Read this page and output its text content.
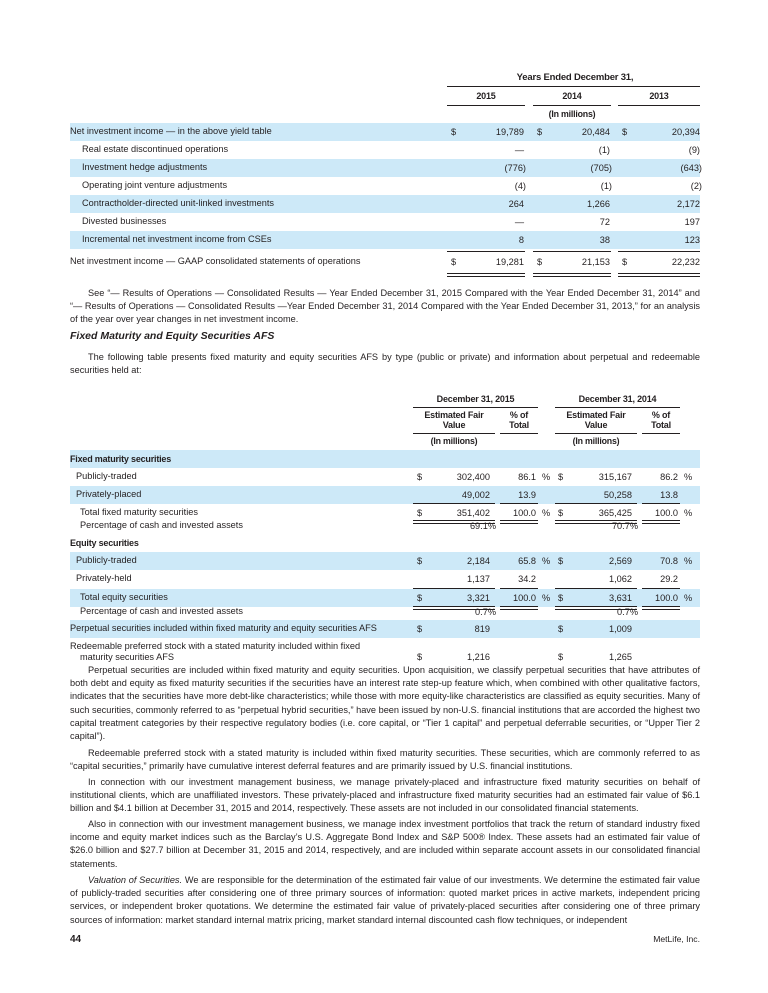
Years Ended December 31,
2015	2014	2013
(In millions)
Net investment income — in the above yield table	$	19,789 $	20,484 $	20,394
Real estate discontinued operations	—	(1)	(9)
Investment hedge adjustments	(776)	(705)	(643)
Operating joint venture adjustments	(4)	(1)	(2)
Contractholder-directed unit-linked investments	264	1,266	2,172
Divested businesses	—	72	197
Incremental net investment income from CSEs	8	38	123
Net investment income — GAAP consolidated statements of operations	$	19,281 $	21,153 $	22,232
See “— Results of Operations — Consolidated Results — Year Ended December 31, 2015 Compared with the Year Ended December 31, 2014” and “— Results of Operations — Consolidated Results —Year Ended December 31, 2014 Compared with the Year Ended December 31, 2013,” for an analysis of the year over year changes in net investment income.
Fixed Maturity and Equity Securities AFS
The following table presents fixed maturity and equity securities AFS by type (public or private) and information about perpetual and redeemable securities held at:
December 31, 2015	December 31, 2014
Estimated Fair
Value
% of
Total
Estimated Fair
Value
% of
Total
(In millions)	(In millions)
Fixed maturity securities
Publicly-traded	$	302,400	86.1 % $	315,167	86.2 %
Privately-placed	49,002	13.9	50,258	13.8
Total fixed maturity securities	$	351,402	100.0 % $	365,425	100.0 %
Percentage of cash and invested assets	69.1%	70.7%
Equity securities
Publicly-traded	$	2,184	65.8 % $	2,569	70.8 %
Privately-held	1,137	34.2	1,062	29.2
Total equity securities	$	3,321	100.0 % $	3,631	100.0 %
Percentage of cash and invested assets	0.7%	0.7%
Perpetual securities included within fixed maturity and equity securities AFS	$	819	$	1,009
Redeemable preferred stock with a stated maturity included within fixed
maturity securities AFS	$	1,216	$	1,265
Perpetual securities are included within fixed maturity and equity securities. Upon acquisition, we classify perpetual securities that have attributes of both debt and equity as fixed maturity securities if the securities have an interest rate step-up feature which, when combined with other qualitative factors, indicates that the securities have more debt-like characteristics; while those with more equity-like characteristics are classified as equity securities. Many of such securities, commonly referred to as “perpetual hybrid securities,” have been issued by non-U.S. financial institutions that are accorded the highest two capital treatment categories by their respective regulatory bodies (i.e. core capital, or “Tier 1 capital” and perpetual deferrable securities, or “Upper Tier 2 capital”).
Redeemable preferred stock with a stated maturity is included within fixed maturity securities. These securities, which are commonly referred to as “capital securities,” primarily have cumulative interest deferral features and are primarily issued by U.S. financial institutions.
In connection with our investment management business, we manage privately-placed and infrastructure fixed maturity securities on behalf of institutional clients, which are unaffiliated investors. These privately-placed and infrastructure fixed maturity securities had an estimated fair value of $6.1 billion and $4.1 billion at December 31, 2015 and 2014, respectively. These assets are not included in our consolidated financial statements.
Also in connection with our investment management business, we manage index investment portfolios that track the return of standard industry fixed income and equity market indices such as the Barclay’s U.S. Aggregate Bond Index and S&P 500® Index. These assets had an estimated fair value of $26.0 billion and $27.7 billion at December 31, 2015 and 2014, respectively, and are included within separate account assets in our consolidated financial statements.
Valuation of Securities. We are responsible for the determination of the estimated fair value of our investments. We determine the estimated fair value of publicly-traded securities after considering one of three primary sources of information: quoted market prices in active markets, independent pricing services, or independent broker quotations. We determine the estimated fair value of privately-placed securities after considering one of three primary sources of information: market standard internal matrix pricing, market standard internal discounted cash flow techniques, or independent
44	MetLife, Inc.
